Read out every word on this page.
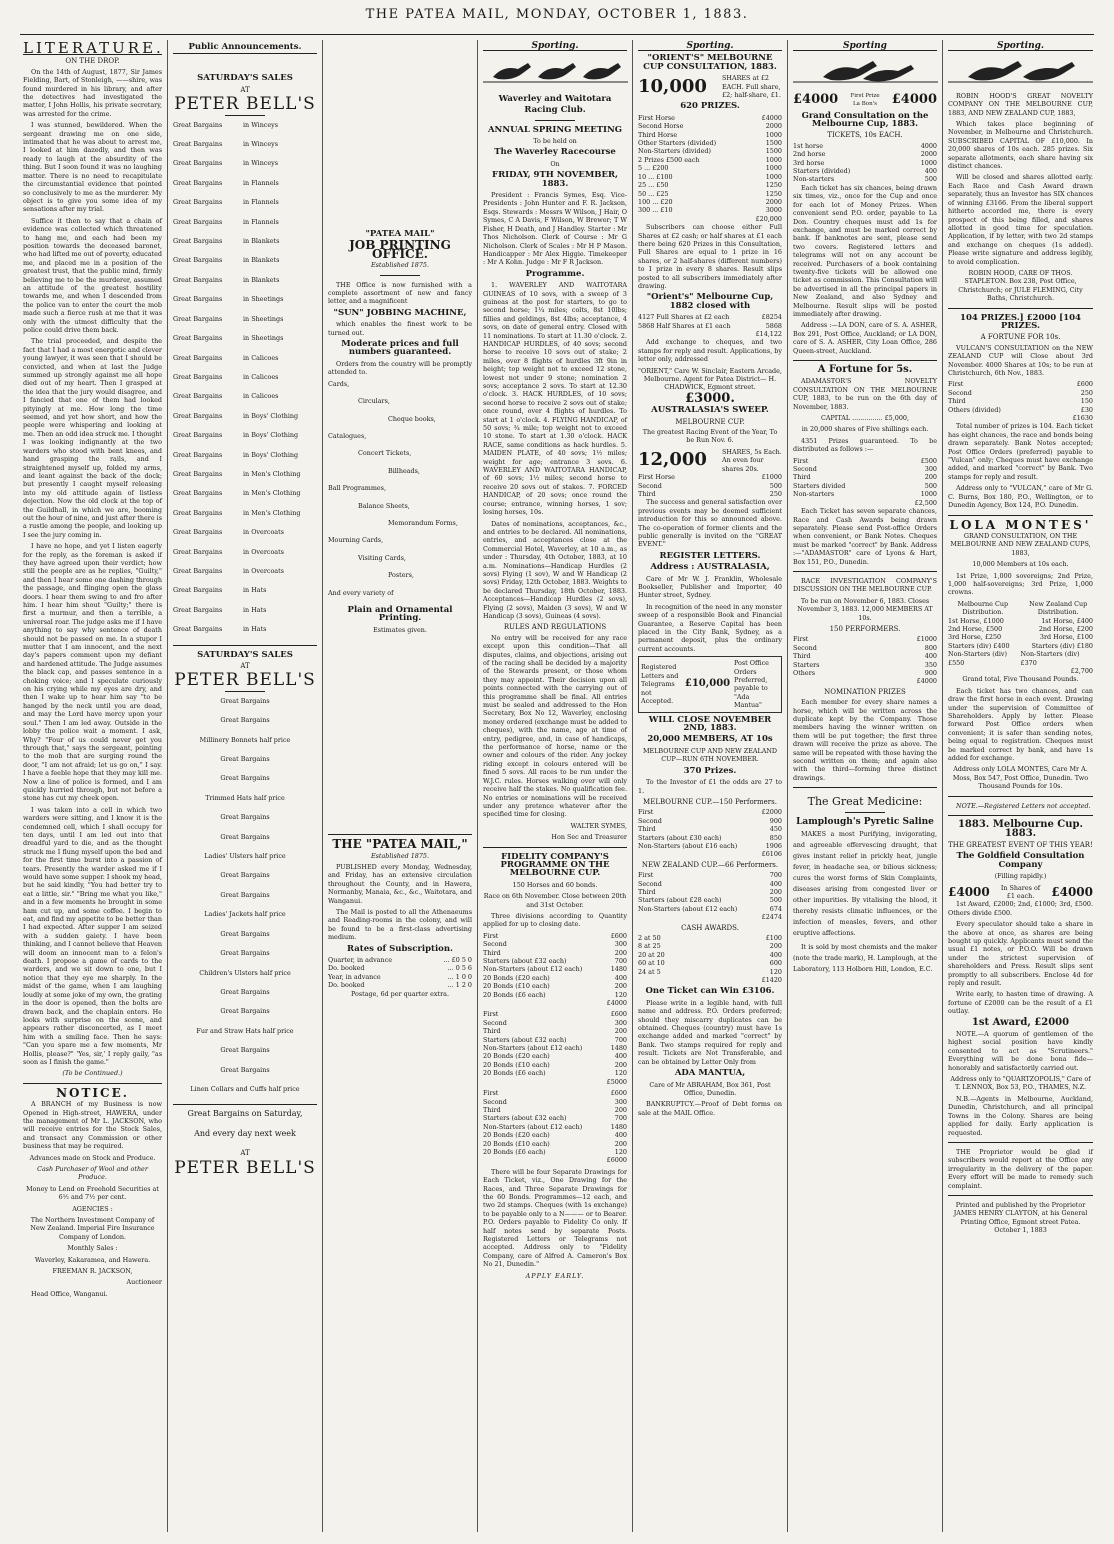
THE PATEA MAIL, MONDAY, OCTOBER 1, 1883.
LITERATURE.
ON THE DROP.

On the 14th of August, 1877, Sir James Fielding, Bart, of Stonleigh, ——shire, was found murdered in his library, and after the detectives had investigated the matter, I John Hollis, his private secretary, was arrested for the crime.

I was stunned, bewildered. When the sergeant drawing me on one side, intimated that he was about to arrest me, I looked at him dazedly, and then was ready to laugh at the absurdity of the thing. But I soon found it was no laughing matter. There is no need to recapitulate the circumstantial evidence that pointed so conclusively to me as the murderer. My object is to give you some idea of my sensations after my trial.

Suffice it then to say that a chain of evidence was collected which threatened to hang me, and each had been my position towards the deceased baronet, who had lifted me out of poverty, educated me, and placed me in a position of the greatest trust, that the public mind, firmly believing me to be the murderer, assumed an attitude of the greatest hostility towards me, and when I descended from the police van to enter the court the mob made such a fierce rush at me that it was only with the utmost difficulty that the police could drive them back.

The trial proceeded, and despite the fact that I had a most energetic and clever young lawyer, it was seen that I should be convicted, and when at last the Judge summed up strongly against me all hope died out of my heart. Then I grasped at the idea that the jury would disagree, and I fancied that one of them had looked pityingly at me. How long the time seemed, and yet how short, and how the people were whispering and looking at me. Then an odd idea struck me. I thought I was looking indignantly at the two warders who stood with bent knees, and hand grasping the rails, and I straightened myself up, folded my arms, and leant against the back of the dock; but presently I caught myself releasing into my old attitude again of listless dejection. Now the old clock at the top of the Guildhall, in which we are, booming out the hour of nine, and just after there is a rustle among the people, and looking up I see the jury coming in.

I have no hope, and yet I listen eagerly for the reply, as the foreman is asked if they have agreed upon their verdict; how still the people are as he replies, "Guilty," and then I hear some one dashing through the passage, and flinging open the glass doors. I hear them swing to and fro after him. I hear him shout "Guilty;" there is first a murmur, and then a terrible, a universal roar. The judge asks me if I have anything to say why sentence of death should not be passed on me. In a stupor I mutter that I am innocent, and the next day's papers comment upon my defiant and hardened attitude. The Judge assumes the black cap, and passes sentence in a choking voice; and I speculate curiously on his crying while my eyes are dry, and then I wake up to hear him say "to be hanged by the neck until you are dead, and may the Lord have mercy upon your soul." Then I am led away. Outside in the lobby the police wait a moment. I ask, Why? "Four of us could never get you through that," says the sergeant, pointing to the mob that are surging round the door, "I am not afraid; let us go on," I say. I have a feeble hope that they may kill me. Now a line of police is formed, and I am quickly hurried through, but not before a stone has cut my cheek open.

I was taken into a cell in which two warders were sitting, and I know it is the condemned cell, which I shall occupy for ten days, until I am led out into that dreadful yard to die, and as the thought struck me I flung myself upon the bed and for the first time burst into a passion of tears. Presently the warder asked me if I would have some supper. I shook my head, but he said kindly, "You had better try to eat a little, sir." "Bring me what you like," and in a few moments he brought in some ham cut up, and some coffee. I begin to eat, and find my appetite to be better than I had expected. After supper I am seized with a sudden gaiety. I have been thinking, and I cannot believe that Heaven will doom an innocent man to a felon's death. I propose a game of cards to the warders, and we sit down to one, but I notice that they eye me sharply. In the midst of the game, when I am laughing loudly at some joke of my own, the grating in the door is opened, then the bolts are drawn back, and the chaplain enters. He looks with surprise on the scene, and appears rather disconcerted, as I meet him with a smiling face. Then he says: "Can you spare me a few moments, Mr Hollis, please?" 'Yes, sir,' I reply gaily, "as soon as I finish the game."

(To be Continued.)

NOTICE.

A BRANCH of my Business is now Opened in High-street, HAWERA, under the management of Mr L. JACKSON, who will receive entries for the Stock Sales, and transact any Commission or other business that may be required.

Advances made on Stock and Produce.

Cash Purchaser of Wool and other Produce.

Money to Lend on Freehold Securities at 6½ and 7½ per cent.

AGENCIES :

The Northern Investment Company of New Zealand. Imperial Fire Insurance Company of London.

Monthly Sales :

Waverley, Kakaramea, and Hawera.

FREEMAN R. JACKSON,

Auctioneer

Head Office, Wanganui.

Public Announcements.
SATURDAY'S SALES
AT
PETER BELL'S
Great Bargains	in Winceys
Great Bargains	in Winceys
Great Bargains	in Winceys
Great Bargains	in Flannels
Great Bargains	in Flannels
Great Bargains	in Flannels
Great Bargains	in Blankets
Great Bargains	in Blankets
Great Bargains	in Blankets
Great Bargains	in Sheetings
Great Bargains	in Sheetings
Great Bargains	in Sheetings
Great Bargains	in Calicoes
Great Bargains	in Calicoes
Great Bargains	in Calicoes
Great Bargains	in Boys' Clothing
Great Bargains	in Boys' Clothing
Great Bargains	in Boys' Clothing
Great Bargains	in Men's Clothing
Great Bargains	in Men's Clothing
Great Bargains	in Men's Clothing
Great Bargains	in Overcoats
Great Bargains	in Overcoats
Great Bargains	in Overcoats
Great Bargains	in Hats
Great Bargains	in Hats
Great Bargains	in Hats
SATURDAY'S SALES
AT
PETER BELL'S
Great Bargains
Great Bargains
Millinery Bonnets half price
Great Bargains
Great Bargains
Trimmed Hats half price
Great Bargains
Great Bargains
Ladies' Ulsters half price
Great Bargains
Great Bargains
Ladies' Jackets half price
Great Bargains
Great Bargains
Children's Ulsters half price
Great Bargains
Great Bargains
Fur and Straw Hats half price
Great Bargains
Great Bargains
Linen Collars and Cuffs half price
Great Bargains on Saturday,
And every day next week
AT
PETER BELL'S
"PATEA MAIL"
JOB PRINTING OFFICE.

Established 1875.

THE Office is now furnished with a complete assortment of new and fancy letter, and a magnificent

"SUN" JOBBING MACHINE,

which enables the finest work to be turned out.

Moderate prices and full numbers guaranteed.

Orders from the country will be promptly attended to.

Cards,
Circulars,
Cheque books,
Catalogues,
Concert Tickets,
Billheads,
Ball Programmes,
Balance Sheets,
Memorandum Forms,
Mourning Cards,
Visiting Cards,
Posters,
And every variety of
Plain and Ornamental Printing.

Estimates given.

THE "PATEA MAIL,"

Established 1875.

PUBLISHED every Monday, Wednesday, and Friday, has an extensive circulation throughout the County, and in Hawera, Normanby, Manaia, &c., &c., Waitotara, and Wanganui.

The Mail is posted to all the Athenaeums and Reading-rooms in the colony, and will be found to be a first-class advertising medium.

Rates of Subscription.
Quarter, in advance	... £0 5 0
Do. booked	... 0 5 6
Year, in advance	... 1 0 0
Do. booked	... 1 2 0

Postage, 6d per quarter extra.

Sporting.
Waverley and Waitotara
Racing Club.
ANNUAL SPRING MEETING

To be held on

The Waverley Racecourse

On

FRIDAY, 9TH NOVEMBER, 1883.

President : Francis Symes, Esq. Vice-Presidents : John Hunter and F. R. Jackson, Esqs. Stewards : Messrs W Wilson, J Hair, O Symes, C A Davis, F Wilson, W Brewer; T W Fisher, H Death, and J Handley. Starter : Mr Thos Nicholson. Clerk of Course : Mr G Nicholson. Clerk of Scales : Mr H P Mason. Handicapper : Mr Alex Higgie. Timekeeper : Mr A Kohn. Judge : Mr F R Jackson.

Programme.

1. WAVERLEY AND WAITOTARA GUINEAS of 10 sovs, with a sweep of 3 guineas at the post for starters, to go to second horse; 1¼ miles; colts, 8st 10lbs; fillies and geldings, 8st 4lbs; acceptance, 4 sovs, on date of general entry. Closed with 11 nominations. To start at 11.30 o'clock. 2. HANDICAP HURDLES, of 40 sovs; second horse to receive 10 sovs out of stake; 2 miles, over 8 flights of hurdles 3ft 9in in height; top weight not to exceed 12 stone, lowest not under 9 stone; nomination 2 sovs; acceptance 2 sovs. To start at 12.30 o'clock. 3. HACK HURDLES, of 10 sovs; second horse to receive 2 sovs out of stake; once round, over 4 flights of hurdles. To start at 1 o'clock. 4. FLYING HANDICAP, of 50 sovs; ¾ mile; top weight not to exceed 10 stone. To start at 1.30 o'clock. HACK RACE, same conditions as hack hurdles. 5. MAIDEN PLATE, of 40 sovs; 1½ miles; weight for age; entrance 3 sovs. 6. WAVERLEY AND WAITOTARA HANDICAP, of 60 sovs; 1½ miles; second horse to receive 20 sovs out of stakes. 7. FORCED HANDICAP, of 20 sovs; once round the course; entrance, winning horses, 1 sov; losing horses, 10s.

Dates of nominations, acceptances, &c., and entries to be declared. All nominations, entries, and acceptances close at the Commercial Hotel, Waverley, at 10 a.m., as under : Thursday, 4th October, 1883, at 10 a.m. Nominations—Handicap Hurdles (2 sovs) Flying (1 sov), W and W Handicap (2 sovs) Friday, 12th October, 1883. Weights to be declared Thursday, 18th October, 1883. Acceptances—Handicap Hurdles (2 sovs), Flying (2 sovs), Maiden (3 sovs), W and W Handicap (3 sovs), Guineas (4 sovs).

RULES AND REGULATIONS

No entry will be received for any race except upon this condition—That all disputes, claims, and objections, arising out of the racing shall be decided by a majority of the Stewards present, or those whom they may appoint. Their decision upon all points connected with the carrying out of this programme shall be final. All entries must be sealed and addressed to the Hon Secretary, Box No 12, Waverley, enclosing money ordered (exchange must be added to cheques), with the name, age at time of entry, pedigree, and, in case of handicaps, the performance of horse, name or the owner and colours of the rider. Any jockey riding except in colours entered will be fined 5 sovs. All races to be run under the W.J.C. rules. Horses walking over will only receive half the stakes. No qualification fee. No entries or nominations will be received under any pretence whatever after the specified time for closing.

WALTER SYMES,

Hon Sec and Treasurer

FIDELITY COMPANY'S PROGRAMME ON THE MELBOURNE CUP.

150 Horses and 60 bonds.

Race on 6th November. Close between 20th and 31st October.

Three divisions according to Quantity applied for up to closing date.

First	£600
Second	300
Third	200
Starters (about £32 each)	700
Non-Starters (about £12 each)	1480
20 Bonds (£20 each)	400
20 Bonds (£10 each)	200
20 Bonds (£6 each)	120

£4000

First	£600
Second	300
Third	200
Starters (about £32 each)	700
Non-Starters (about £12 each)	1480
20 Bonds (£20 each)	400
20 Bonds (£10 each)	200
20 Bonds (£6 each)	120

£5000

First	£600
Second	300
Third	200
Starters (about £32 each)	700
Non-Starters (about £12 each)	1480
20 Bonds (£20 each)	400
20 Bonds (£10 each)	200
20 Bonds (£6 each)	120

£6000

There will be four Separate Drawings for Each Ticket, viz., One Drawing for the Races, and Three Separate Drawings for the 60 Bonds. Programmes—12 each, and two 2d stamps. Cheques (with 1s exchange) to be payable only to a N——— or to Bearer. P.O. Orders payable to Fidelity Co only. If half notes send by separate Posts. Registered Letters or Telegrams not accepted. Address only to "Fidelity Company, care of Alfred A. Cameron's Box No 21, Dunedin."

APPLY EARLY.

Sporting.
"ORIENT'S" MELBOURNE CUP CONSULTATION, 1883.
10,000 SHARES at £2 EACH. Full share, £2; half-share, £1.
620 PRIZES.
First Horse	£4000
Second Horse	2000
Third Horse	1000
Other Starters (divided)	1500
Non-Starters (divided)	1500
2 Prizes £500 each	1000
5 ... £200	1000
10 ... £100	1000
25 ... £50	1250
50 ... £25	1250
100 ... £20	2000
300 ... £10	3000
£20,000

Subscribers can choose either Full Shares at £2 cash; or half shares at £1 each there being 620 Prizes in this Consultation, Full Shares are equal to 1 prize in 16 shares, or 2 half-shares (different numbers) to 1 prize in every 8 shares. Result slips posted to all subscribers immediately after drawing.

"Orient's" Melbourne Cup, 1882 closed with
4127 Full Shares at £2 each	£8254
5868 Half Shares at £1 each	5868
£14,122

Add exchange to cheques, and two stamps for reply and result. Applications, by letter only, addressed

"ORIENT," Care W. Sinclair, Eastern Arcade, Melbourne. Agent for Patea District— H. CHADWICK, Egmont street.

£3000.
AUSTRALASIA'S SWEEP.
MELBOURNE CUP.

The greatest Racing Event of the Year, To be Run Nov. 6.

12,000 SHARES, 5s Each. An even four shares 20s.
First Horse	£1000
Second	500
Third	250

The success and general satisfaction over previous events may be deemed sufficient introduction for this so announced above. The co-operation of former clients and the public generally is invited on the "GREAT EVENT."

REGISTER LETTERS.
Address : AUSTRALASIA,

Care of Mr W. J. Franklin, Wholesale Bookseller, Publisher and Importer, 40 Hunter street, Sydney.

In recognition of the need in any monster sweep of a responsible Book and Financial Guarantee, a Reserve Capital has been placed in the City Bank, Sydney, as a permanent deposit, plus the ordinary current accounts.

Registered Letters and Telegrams not Accepted.
£10,000
Post Office Orders Preferred, payable to "Ada Mantua"
WILL CLOSE NOVEMBER 2ND, 1883.
20,000 MEMBERS, AT 10s

MELBOURNE CUP AND NEW ZEALAND CUP—RUN 6TH NOVEMBER.

370 Prizes.

To the Investor of £1 the odds are 27 to 1.

MELBOURNE CUP.—150 Performers.
First	£2000
Second	900
Third	450
Starters (about £30 each)	850
Non-Starters (about £16 each)	1906
£6106
NEW ZEALAND CUP.—66 Performers.
First	700
Second	400
Third	200
Starters (about £28 each)	500
Non-Starters (about £12 each)	674
£2474
CASH AWARDS.
2 at 50	£100
8 at 25	200
20 at 20	400
60 at 10	600
24 at 5	120
£1420
One Ticket can Win £3106.

Please write in a legible hand, with full name and address. P.O. Orders preferred; should they miscarry duplicates can be obtained. Cheques (country) must have 1s exchange added and marked "correct" by Bank. Two stamps required for reply and result. Tickets are Not Transferable, and can be obtained by Letter Only from

ADA MANTUA,

Care of Mr ABRAHAM, Box 361, Post Office, Dunedin.

BANKRUPTCY.—Proof of Debt forms on sale at the MAIL Office.

Sporting
£4000	First Prize La Bon's	£4000
Grand Consultation on the Melbourne Cup, 1883.
TICKETS, 10s EACH.
1st horse	4000
2nd horse	2000
3rd horse	1000
Starters (divided)	400
Non-starters	500

Each ticket has six chances, being drawn six times, viz., once for the Cup and once for each lot of Money Prizes. When convenient send P.O. order, payable to La Don. Country cheques must add 1s for exchange, and must be marked correct by bank. If banknotes are sent, please send two covers. Registered letters and telegrams will not on any account be received. Purchasers of a book containing twenty-five tickets will be allowed one ticket as commission. This Consultation will be advertised in all the principal papers in New Zealand, and also Sydney and Melbourne. Result slips will be posted immediately after drawing.

Address :—LA DON, care of S. A. ASHER, Box 291, Post Office, Auckland; or LA DON, care of S. A. ASHER, City Loan Office, 286 Queen-street, Auckland.

A Fortune for 5s.

ADAMASTOR'S NOVELTY CONSULTATION ON THE MELBOURNE CUP, 1883, to be run on the 6th day of November, 1883.

CAPITAL ............... £5,000,

in 20,000 shares of Five shillings each.

4351 Prizes guaranteed. To be distributed as follows :—

First	£500
Second	300
Third	200
Starters divided	500
Non-starters	1000
£2,500

Each Ticket has seven separate chances, Race and Cash Awards being drawn separately. Please send Post-office Orders when convenient, or Bank Notes. Cheques must be marked "correct" by Bank. Address :—"ADAMASTOR" care of Lyons & Hart, Box 151, P.O., Dunedin.

RACE INVESTIGATION COMPANY'S DISCUSSION ON THE MELBOURNE CUP.

To be run on November 6, 1883. Closes November 3, 1883. 12,000 MEMBERS AT 10s.

150 PERFORMERS.
First	£1000
Second	800
Third	400
Starters	350
Others	900
£4000
NOMINATION PRIZES

Each member for every share names a horse, which will be written across the duplicate kept by the Company. Those members having the winner written on them will be put together; the first three drawn will receive the prize as above. The same will be repeated with those having the second written on them; and again also with the third—forming three distinct drawings.

The Great Medicine:
Lamplough's Pyretic Saline

MAKES a most Purifying, invigorating, and agreeable effervescing draught, that gives instant relief in prickly heat, jungle fever, in headache sea, or bilious sickness; cures the worst forms of Skin Complaints, diseases arising from congested liver or other impurities. By vitalising the blood, it thereby resists climatic influences, or the infection of measles, fevers, and other eruptive affections.

It is sold by most chemists and the maker (note the trade mark), H. Lamplough, at the Laboratory, 113 Holborn Hill, London, E.C.

Sporting.

ROBIN HOOD'S GREAT NOVELTY COMPANY ON THE MELBOURNE CUP, 1883, AND NEW ZEALAND CUP, 1883,

Which takes place beginning of November, in Melbourne and Christchurch. SUBSCRIBED CAPITAL OF £10,000. In 20,000 shares of 10s each. 285 prizes. Six separate allotments, each share having six distinct chances.

Will be closed and shares allotted early. Each Race and Cash Award drawn separately, thus an Investor has SIX chances of winning £3166. From the liberal support hitherto accorded me, there is every prospect of this being filled, and shares allotted in good time for speculation. Application, if by letter, with two 2d stamps and exchange on cheques (1s added). Please write signature and address legibly, to avoid complication.

ROBIN HOOD, CARE OF THOS. STAPLETON. Box 238, Post Office, Christchurch; or JULE FLEMING, City Baths, Christchurch.

104 PRIZES.] £2000 [104 PRIZES.
A FORTUNE FOR 10s.

VULCAN'S CONSULTATION on the NEW ZEALAND CUP will Close about 3rd November. 4000 Shares at 10s; to be run at Christchurch, 6th Nov., 1883.

First	£600
Second	250
Third	150
Others (divided)	£30
£1630

Total number of prizes is 104. Each ticket has eight chances, the race and bonds being drawn separately. Bank Notes accepted; Post Office Orders (preferred) payable to "Vulcan" only; Cheques must have exchange added, and marked "correct" by Bank. Two stamps for reply and result.

Address only to "VULCAN," care of Mr G. C. Burns, Box 180, P.O., Wellington, or to Dunedin Agency, Box 124, P.O. Dunedin.

LOLA MONTES'

GRAND CONSULTATION, ON THE MELBOURNE AND NEW ZEALAND CUPS, 1883,

10,000 Members at 10s each.

1st Prize, 1,000 sovereigns; 2nd Prize, 1,000 half-sovereigns; 3rd Prize, 1,000 crowns.

Melbourne Cup Distribution.
New Zealand Cup Distribution.
1st Horse, £1000	1st Horse, £400
2nd Horse, £500	2nd Horse, £200
3rd Horse, £250	3rd Horse, £100
Starters (div) £400	Starters (div) £180
Non-Starters (div) £550
Non-Starters (div) £370
£2,700

Grand total, Five Thousand Pounds.

Each ticket has two chances, and can draw the first horse in each event. Drawing under the supervision of Committee of Shareholders. Apply by letter. Please forward Post Office orders when convenient; it is safer than sending notes, being equal to registration. Cheques must be marked correct by bank, and have 1s added for exchange.

Address only LOLA MONTES, Care Mr A. Moss, Box 547, Post Office, Dunedin. Two Thousand Pounds for 10s.

NOTE.—Registered Letters not accepted.

1883. Melbourne Cup. 1883.
THE GREATEST EVENT OF THIS YEAR!
The Goldfield Consultation Company

(Filling rapidly.)

£4000 In Shares of £1 each.	£4000

1st Award, £2000; 2nd, £1000; 3rd, £500. Others divide £500.

Every speculator should take a share in the above at once, as shares are being bought up quickly. Applicants must send the usual £1 notes, or P.O.O. Will be drawn under the strictest supervision of shareholders and Press. Result slips sent promptly to all subscribers. Enclose 4d for reply and result.

Write early, to hasten time of drawing. A fortune of £2000 can be the result of a £1 outlay.

1st Award, £2000

NOTE.—A quorum of gentlemen of the highest social position have kindly consented to act as "Scrutineers." Everything will be done bona fide—honorably and satisfactorily carried out.

Address only to "QUARTZOPOLIS," Care of T. LENNOX, Box 53, P.O., THAMES, N.Z.

N.B.—Agents in Melbourne, Auckland, Dunedin, Christchurch, and all principal Towns in the Colony. Shares are being applied for daily. Early application is requested.

THE Proprietor would be glad if subscribers would report at the Office any irregularity in the delivery of the paper. Every effort will be made to remedy such complaint.

Printed and published by the Proprietor JAMES HENRY CLAYTON, at his General Printing Office, Egmont street Patea. October 1, 1883
